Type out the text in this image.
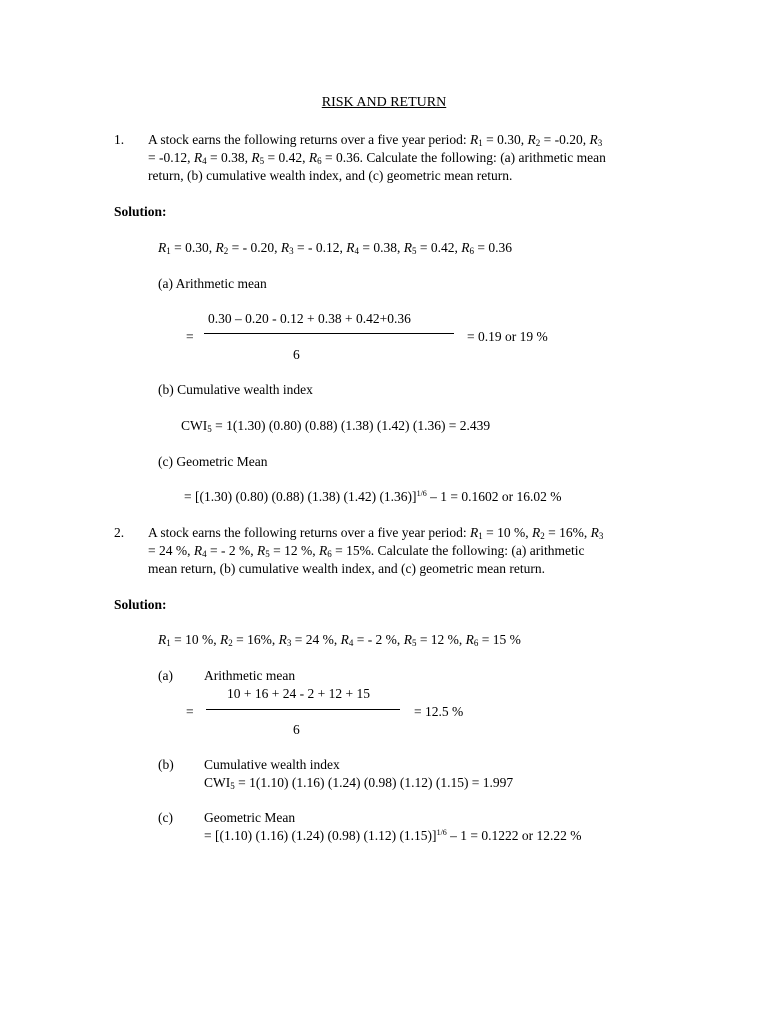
RISK AND RETURN
1. A stock earns the following returns over a five year period: $R_1 = 0.30$, $R_2 = -0.20$, $R_3$
= -0.12, $R_4 = 0.38$, $R_5 = 0.42$, $R_6 = 0.36$. Calculate the following: (a) arithmetic mean
return, (b) cumulative wealth index, and (c) geometric mean return.
Solution:
$R_1 = 0.30$, $R_2$ = - 0.20, $R_3$ = - 0.12, $R_4 = 0.38$, $R_5 = 0.42$, $R_6 = 0.36$
(a) Arithmetic mean
0.30 – 0.20 - 0.12 + 0.38 + 0.42+0.36
=	= 0.19 or 19 %
6
(b) Cumulative wealth index
$CWI_5 = 1(1.30)$ (0.80) (0.88) (1.38) (1.42) (1.36) = 2.439
(c) Geometric Mean
= [(1.30) (0.80) (0.88) (1.38) (1.42) (1.36)]$^{1/6}$ – 1 = 0.1602 or 16.02 %
2. A stock earns the following returns over a five year period: $R_1 = 10$ %, $R_2 = 16\%$, $R_3$
= 24 %, $R_4$ = - 2 %, $R_5 = 12$ %, $R_6 = 15\%$. Calculate the following: (a) arithmetic
mean return, (b) cumulative wealth index, and (c) geometric mean return.
Solution:
$R_1 = 10$ %, $R_2 = 16\%$, $R_3 = 24$ %, $R_4$ = - 2 %, $R_5 = 12$ %, $R_6 = 15$ %
(a) Arithmetic mean
10 + 16 + 24 - 2 + 12 + 15
=	= 12.5 %
6
(b) Cumulative wealth index
$CWI_5 = 1(1.10)$ (1.16) (1.24) (0.98) (1.12) (1.15) = 1.997
(c) Geometric Mean
= [(1.10) (1.16) (1.24) (0.98) (1.12) (1.15)]$^{1/6}$ – 1 = 0.1222 or 12.22 %
